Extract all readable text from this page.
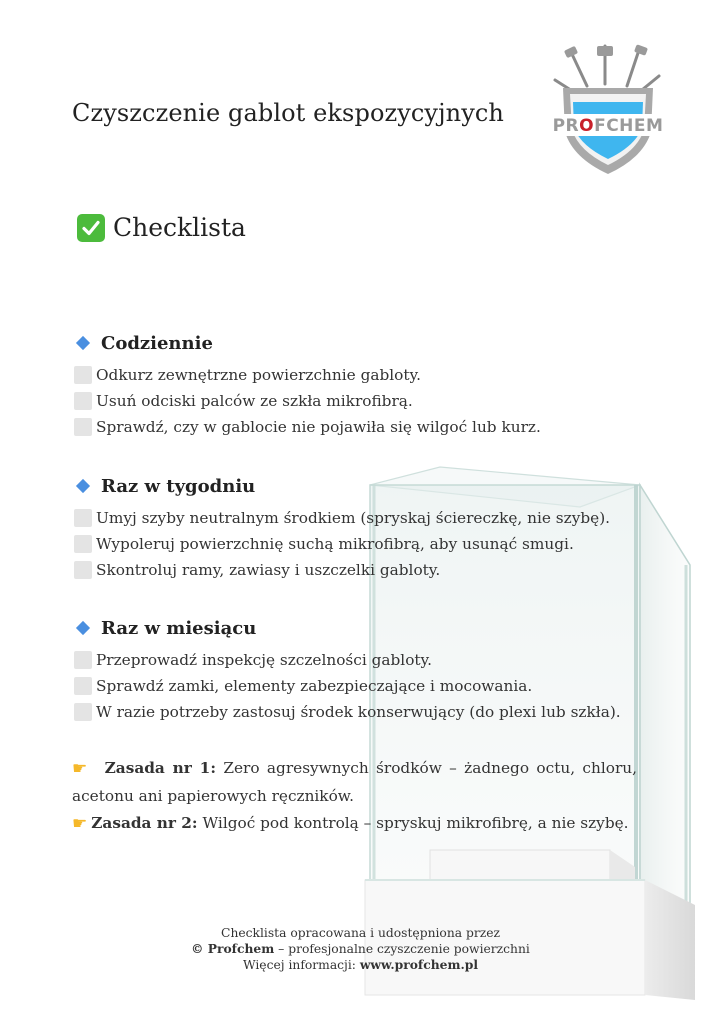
PROFCHEM
Czyszczenie gablot ekspozycyjnych
Checklista
Codziennie
Odkurz zewnętrzne powierzchnie gabloty.
Usuń odciski palców ze szkła mikrofibrą.
Sprawdź, czy w gablocie nie pojawiła się wilgoć lub kurz.
Raz w tygodniu
Umyj szyby neutralnym środkiem (spryskaj ściereczkę, nie szybę).
Wypoleruj powierzchnię suchą mikrofibrą, aby usunąć smugi.
Skontroluj ramy, zawiasy i uszczelki gabloty.
Raz w miesiącu
Przeprowadź inspekcję szczelności gabloty.
Sprawdź zamki, elementy zabezpieczające i mocowania.
W razie potrzeby zastosuj środek konserwujący (do plexi lub szkła).
☛ Zasada nr 1: Zero agresywnych środków – żadnego octu, chloru, acetonu ani papierowych ręczników.
☛ Zasada nr 2: Wilgoć pod kontrolą – spryskuj mikrofibrę, a nie szybę.
Checklista opracowana i udostępniona przez
© Profchem – profesjonalne czyszczenie powierzchni
Więcej informacji: www.profchem.pl
